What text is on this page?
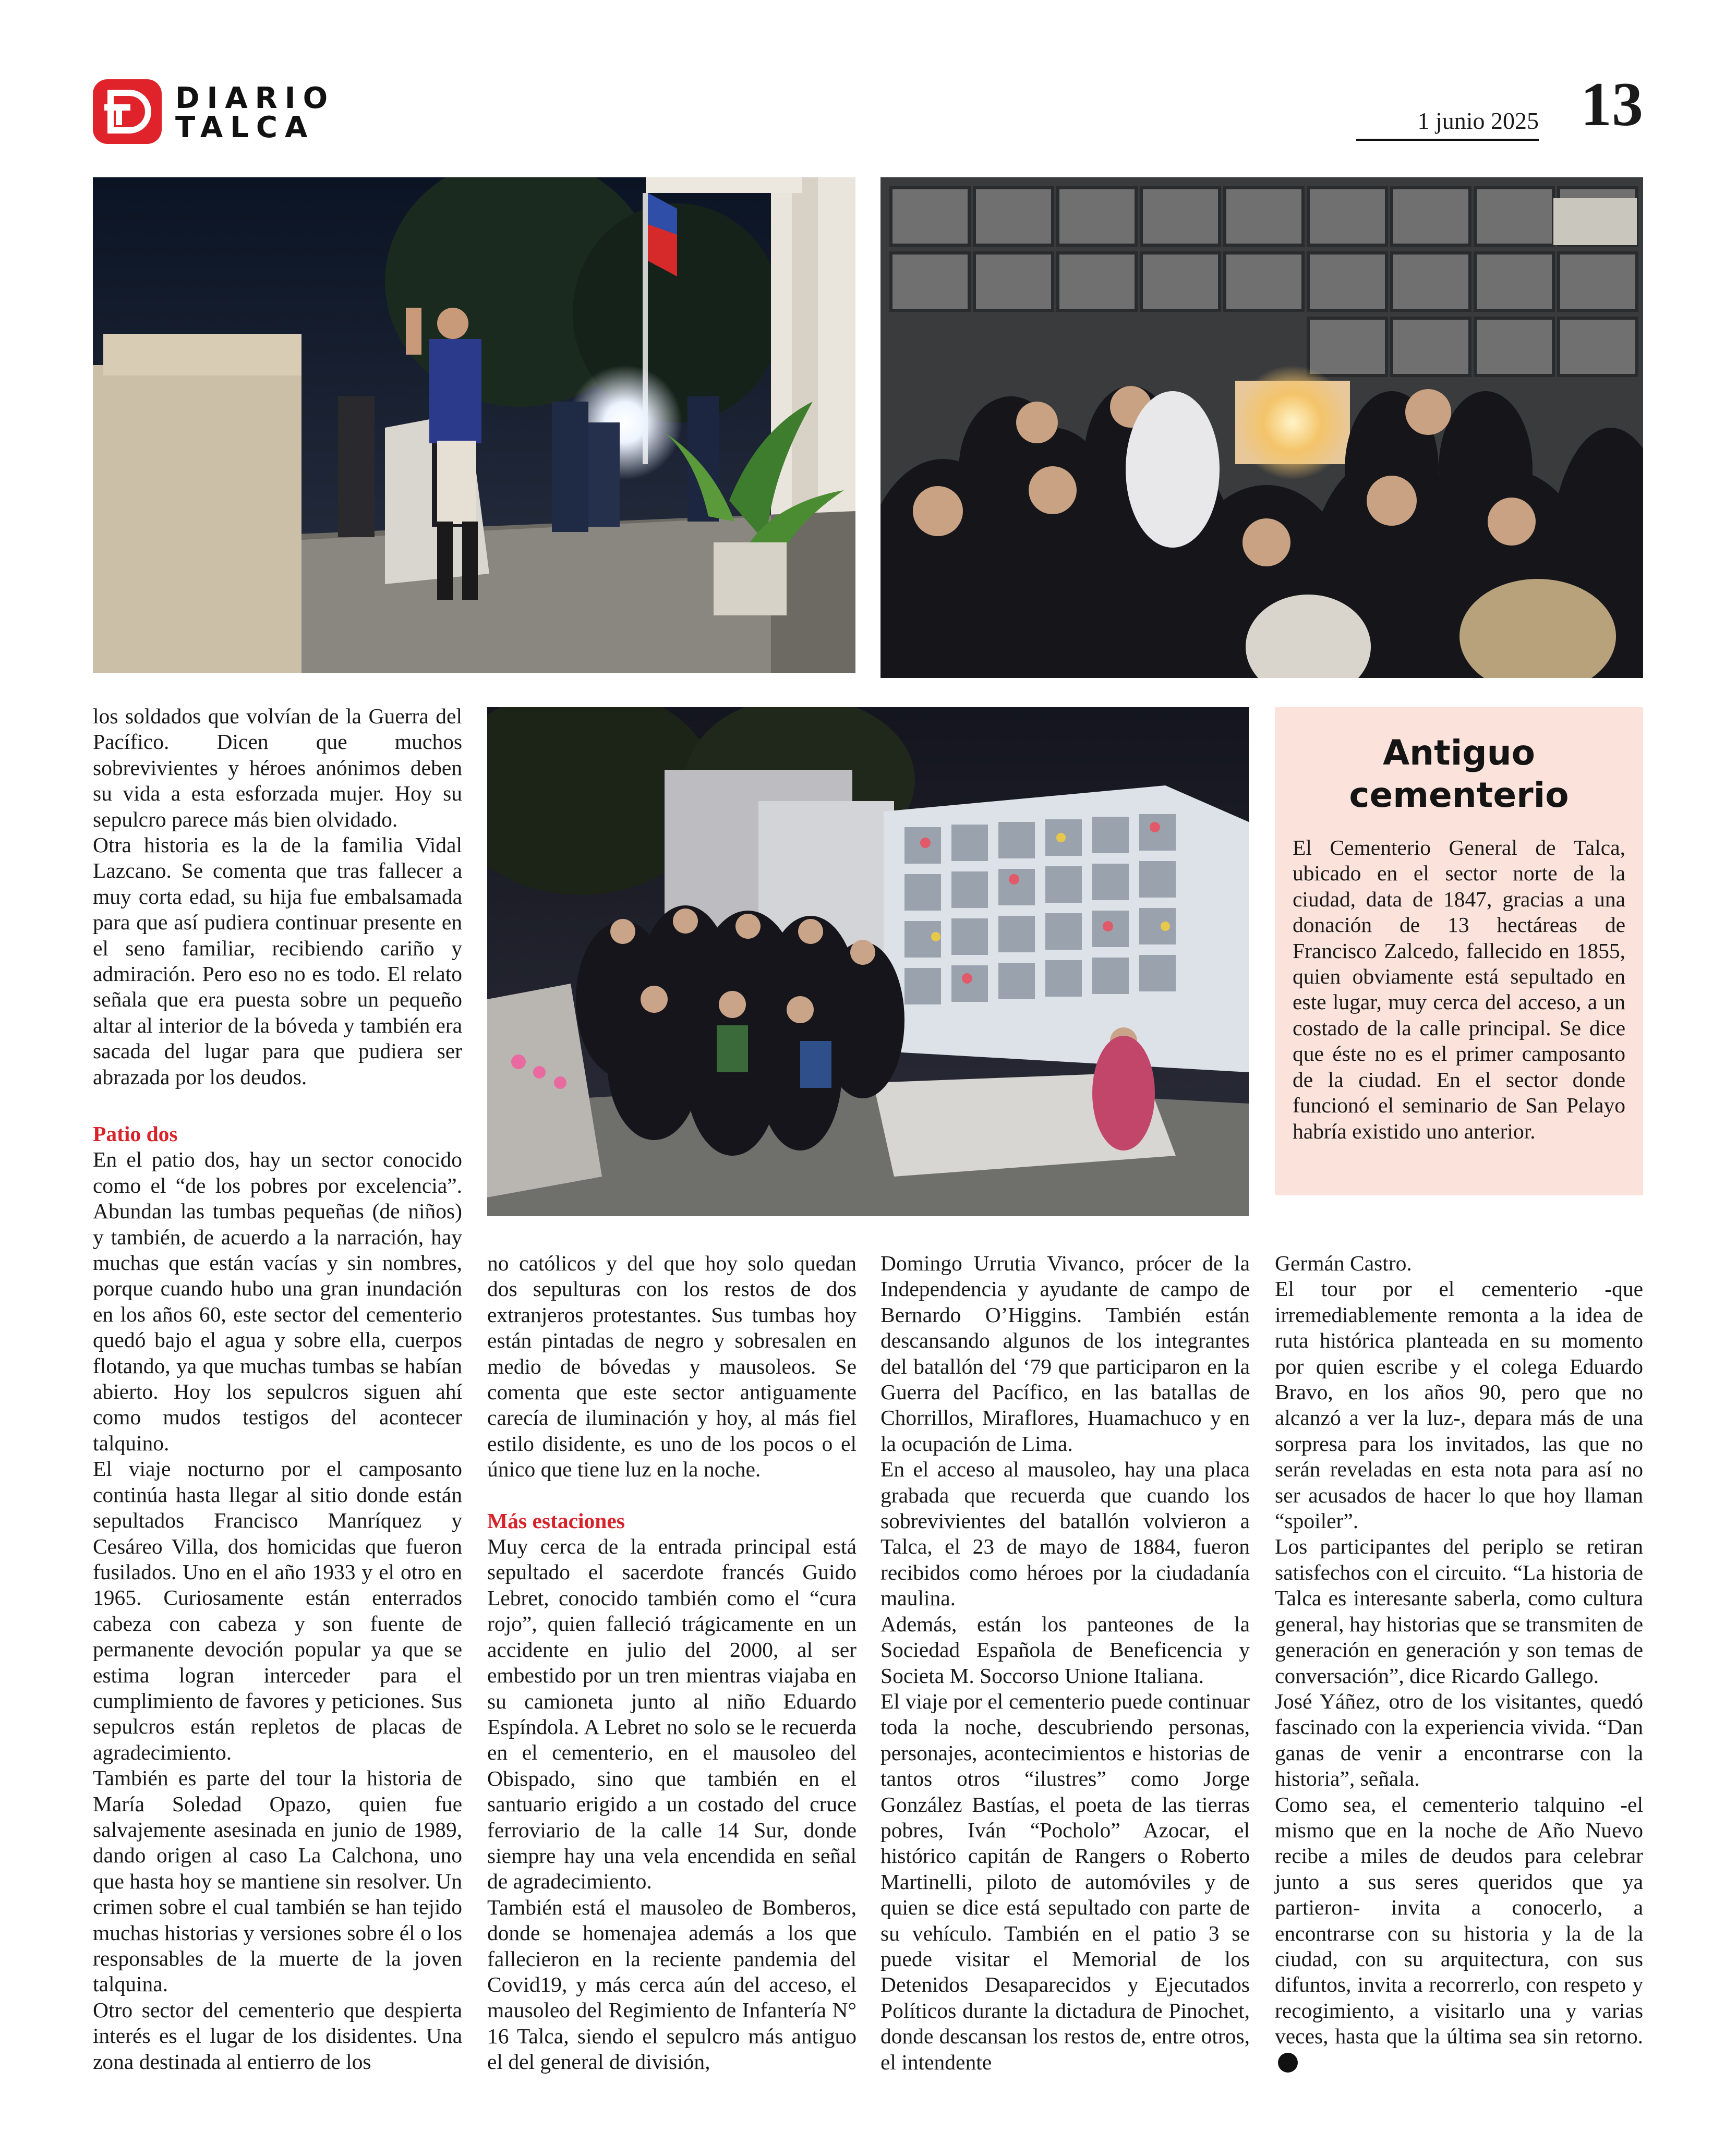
DIARIO
TALCA	1 junio 2025 13
Antiguo cementerio

El Cementerio General de Talca, ubicado en el sector norte de la ciudad, data de 1847, gracias a una donación de 13 hectáreas de Francisco Zalcedo, fallecido en 1855, quien obviamente está sepultado en este lugar, muy cerca del acceso, a un costado de la calle principal. Se dice que éste no es el primer camposanto de la ciudad. En el sector donde funcionó el seminario de San Pelayo habría existido uno anterior.

los soldados que volvían de la Guerra del Pacífico. Dicen que muchos sobrevivientes y héroes anónimos deben su vida a esta esforzada mujer. Hoy su sepulcro parece más bien olvidado.

Otra historia es la de la familia Vidal Lazcano. Se comenta que tras fallecer a muy corta edad, su hija fue embalsamada para que así pudiera continuar presente en el seno familiar, recibiendo cariño y admiración. Pero eso no es todo. El relato señala que era puesta sobre un pequeño altar al interior de la bóveda y también era sacada del lugar para que pudiera ser abrazada por los deudos.

Patio dos

En el patio dos, hay un sector conocido como el “de los pobres por excelencia”. Abundan las tumbas pequeñas (de niños) y también, de acuerdo a la narración, hay muchas que están vacías y sin nombres, porque cuando hubo una gran inundación en los años 60, este sector del cementerio quedó bajo el agua y sobre ella, cuerpos flotando, ya que muchas tumbas se habían abierto. Hoy los sepulcros siguen ahí como mudos testigos del acontecer talquino.

El viaje nocturno por el camposanto continúa hasta llegar al sitio donde están sepultados Francisco Manríquez y Cesáreo Villa, dos homicidas que fueron fusilados. Uno en el año 1933 y el otro en 1965. Curiosamente están enterrados cabeza con cabeza y son fuente de permanente devoción popular ya que se estima logran interceder para el cumplimiento de favores y peticiones. Sus sepulcros están repletos de placas de agradecimiento.

También es parte del tour la historia de María Soledad Opazo, quien fue salvajemente asesinada en junio de 1989, dando origen al caso La Calchona, uno que hasta hoy se mantiene sin resolver. Un crimen sobre el cual también se han tejido muchas historias y versiones sobre él o los responsables de la muerte de la joven talquina.

Otro sector del cementerio que despierta interés es el lugar de los disidentes. Una zona destinada al entierro de los

no católicos y del que hoy solo quedan dos sepulturas con los restos de dos extranjeros protestantes. Sus tumbas hoy están pintadas de negro y sobresalen en medio de bóvedas y mausoleos. Se comenta que este sector antiguamente carecía de iluminación y hoy, al más fiel estilo disidente, es uno de los pocos o el único que tiene luz en la noche.

Más estaciones

Muy cerca de la entrada principal está sepultado el sacerdote francés Guido Lebret, conocido también como el “cura rojo”, quien falleció trágicamente en un accidente en julio del 2000, al ser embestido por un tren mientras viajaba en su camioneta junto al niño Eduardo Espíndola. A Lebret no solo se le recuerda en el cementerio, en el mausoleo del Obispado, sino que también en el santuario erigido a un costado del cruce ferroviario de la calle 14 Sur, donde siempre hay una vela encendida en señal de agradecimiento.

También está el mausoleo de Bomberos, donde se homenajea además a los que fallecieron en la reciente pandemia del Covid19, y más cerca aún del acceso, el mausoleo del Regimiento de Infantería N° 16 Talca, siendo el sepulcro más antiguo el del general de división,

Domingo Urrutia Vivanco, prócer de la Independencia y ayudante de campo de Bernardo O’Higgins. También están descansando algunos de los integrantes del batallón del ‘79 que participaron en la Guerra del Pacífico, en las batallas de Chorrillos, Miraflores, Huamachuco y en la ocupación de Lima.

En el acceso al mausoleo, hay una placa grabada que recuerda que cuando los sobrevivientes del batallón volvieron a Talca, el 23 de mayo de 1884, fueron recibidos como héroes por la ciudadanía maulina.

Además, están los panteones de la Sociedad Española de Beneficencia y Societa M. Soccorso Unione Italiana.

El viaje por el cementerio puede continuar toda la noche, descubriendo personas, personajes, acontecimientos e historias de tantos otros “ilustres” como Jorge González Bastías, el poeta de las tierras pobres, Iván “Pocholo” Azocar, el histórico capitán de Rangers o Roberto Martinelli, piloto de automóviles y de quien se dice está sepultado con parte de su vehículo. También en el patio 3 se puede visitar el Memorial de los Detenidos Desaparecidos y Ejecutados Políticos durante la dictadura de Pinochet, donde descansan los restos de, entre otros, el intendente

Germán Castro.

El tour por el cementerio -que irremediablemente remonta a la idea de ruta histórica planteada en su momento por quien escribe y el colega Eduardo Bravo, en los años 90, pero que no alcanzó a ver la luz-, depara más de una sorpresa para los invitados, las que no serán reveladas en esta nota para así no ser acusados de hacer lo que hoy llaman “spoiler”.

Los participantes del periplo se retiran satisfechos con el circuito. “La historia de Talca es interesante saberla, como cultura general, hay historias que se transmiten de generación en generación y son temas de conversación”, dice Ricardo Gallego.

José Yáñez, otro de los visitantes, quedó fascinado con la experiencia vivida. “Dan ganas de venir a encontrarse con la historia”, señala.

Como sea, el cementerio talquino -el mismo que en la noche de Año Nuevo recibe a miles de deudos para celebrar junto a sus seres queridos que ya partieron- invita a conocerlo, a encontrarse con su historia y la de la ciudad, con su arquitectura, con sus difuntos, invita a recorrerlo, con respeto y recogimiento, a visitarlo una y varias veces, hasta que la última sea sin retorno.
